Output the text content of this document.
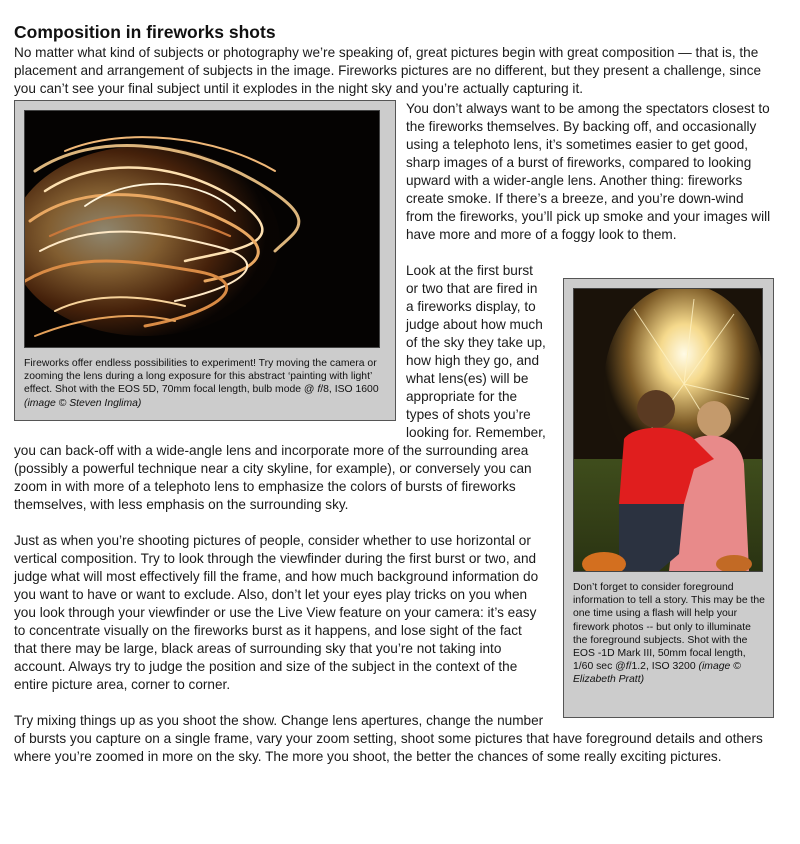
Composition in fireworks shots

No matter what kind of subjects or photography we’re speaking of, great pictures begin with great composition — that is, the placement and arrangement of subjects in the image. Fireworks pictures are no different, but they present a challenge, since you can’t see your final subject until it explodes in the night sky and you’re actually capturing it.

Fireworks offer endless possibilities to experiment! Try moving the camera or zooming the lens during a long exposure for this abstract ‘painting with light’ effect. Shot with the EOS 5D, 70mm focal length, bulb mode @ f/8, ISO 1600 (image © Steven Inglima)

You don’t always want to be among the spectators closest to the fireworks themselves. By backing off, and occasionally using a telephoto lens, it’s sometimes easier to get good, sharp images of a burst of fireworks, compared to looking upward with a wider-angle lens. Another thing: fireworks create smoke. If there’s a breeze, and you’re down-wind from the fireworks, you’ll pick up smoke and your images will have more and more of a foggy look to them.

Don’t forget to consider foreground information to tell a story. This may be the one time using a flash will help your firework photos -- but only to illuminate the foreground subjects. Shot with the EOS -1D Mark III, 50mm focal length, 1/60 sec @f/1.2, ISO 3200 (image © Elizabeth Pratt)

Look at the first burst or two that are fired in a fireworks display, to judge about how much of the sky they take up, how high they go, and what lens(es) will be appropriate for the types of shots you’re looking for. Remember, you can back-off with a wide-angle lens and incorporate more of the surrounding area (possibly a powerful technique near a city skyline, for example), or conversely you can zoom in with more of a telephoto lens to emphasize the colors of bursts of fireworks themselves, with less emphasis on the surrounding sky.

Just as when you’re shooting pictures of people, consider whether to use horizontal or vertical composition. Try to look through the viewfinder during the first burst or two, and judge what will most effectively fill the frame, and how much background information do you want to have or want to exclude. Also, don’t let your eyes play tricks on you when you look through your viewfinder or use the Live View feature on your camera: it’s easy to concentrate visually on the fireworks burst as it happens, and lose sight of the fact that there may be large, black areas of surrounding sky that you’re not taking into account. Always try to judge the position and size of the subject in the context of the entire picture area, corner to corner.

Try mixing things up as you shoot the show. Change lens apertures, change the number of bursts you capture on a single frame, vary your zoom setting, shoot some pictures that have foreground details and others where you’re zoomed in more on the sky. The more you shoot, the better the chances of some really exciting pictures.
